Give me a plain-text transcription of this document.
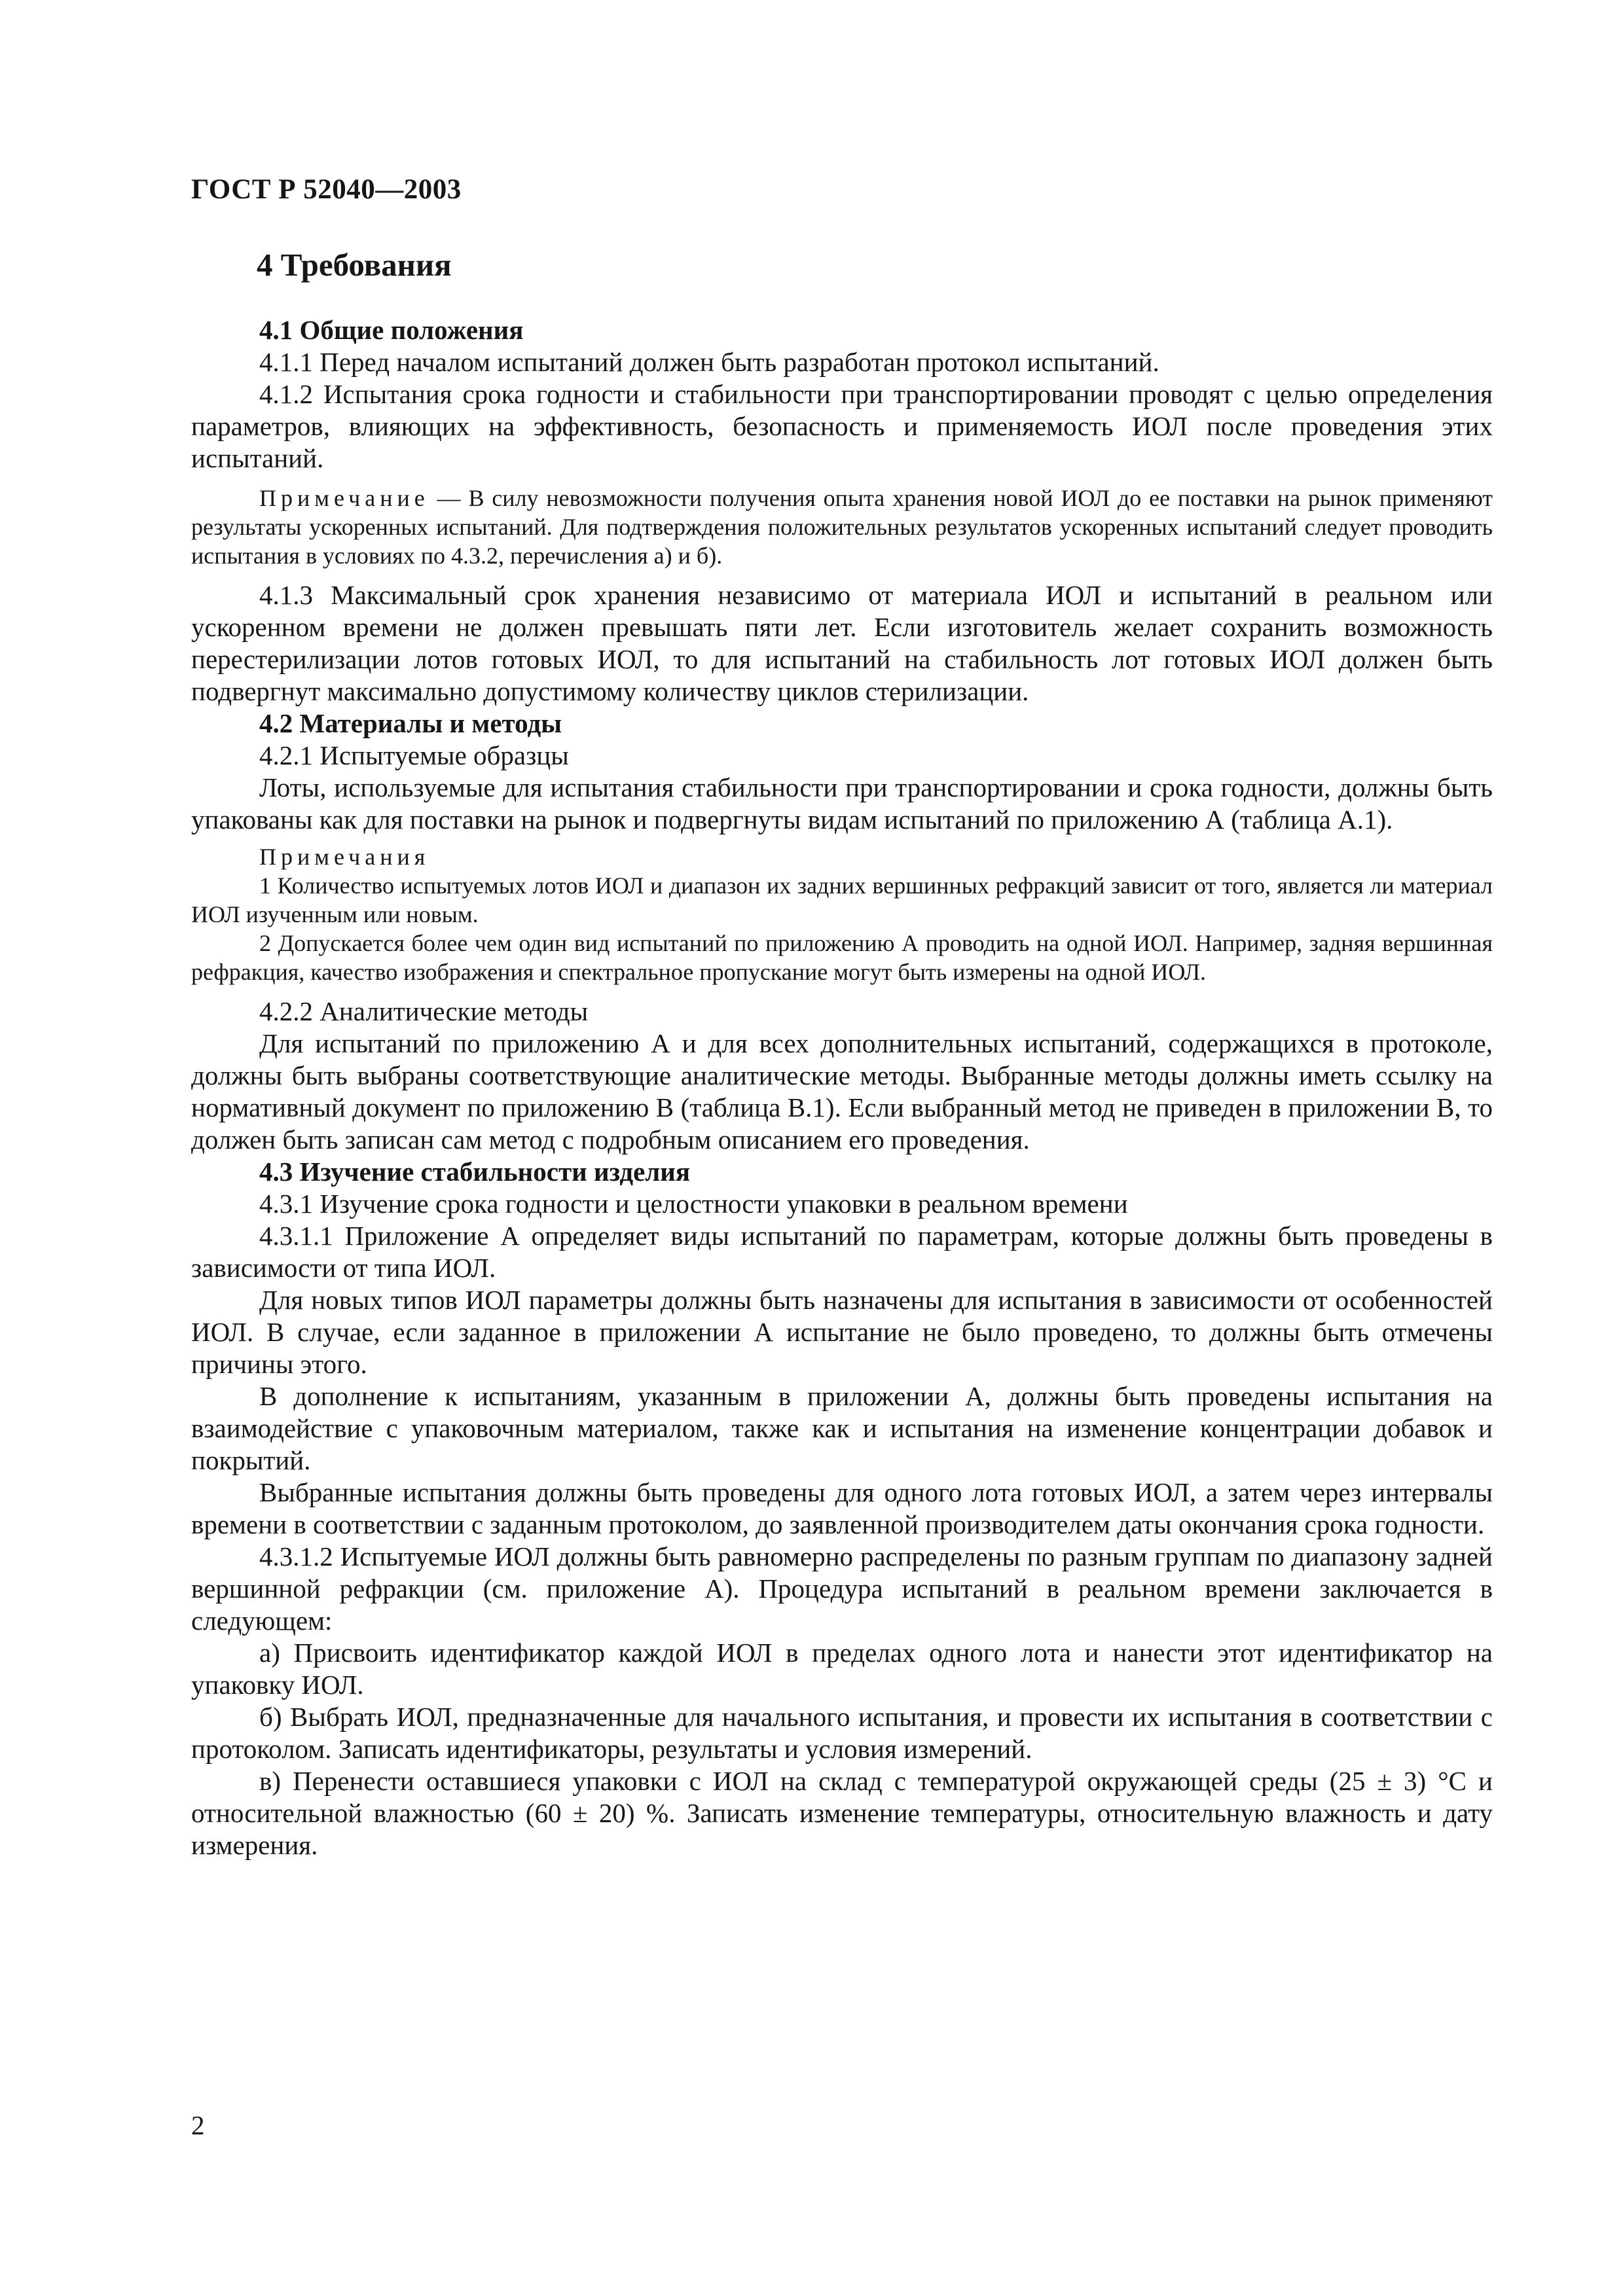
ГОСТ Р 52040—2003
4 Требования

4.1 Общие положения

4.1.1 Перед началом испытаний должен быть разработан протокол испытаний.

4.1.2 Испытания срока годности и стабильности при транспортировании проводят с целью определения параметров, влияющих на эффективность, безопасность и применяемость ИОЛ после проведения этих испытаний.

Примечание — В силу невозможности получения опыта хранения новой ИОЛ до ее поставки на рынок применяют результаты ускоренных испытаний. Для подтверждения положительных результатов ускоренных испытаний следует проводить испытания в условиях по 4.3.2, перечисления а) и б).

4.1.3 Максимальный срок хранения независимо от материала ИОЛ и испытаний в реальном или ускоренном времени не должен превышать пяти лет. Если изготовитель желает сохранить возможность перестерилизации лотов готовых ИОЛ, то для испытаний на стабильность лот готовых ИОЛ должен быть подвергнут максимально допустимому количеству циклов стерилизации.

4.2 Материалы и методы

4.2.1 Испытуемые образцы

Лоты, используемые для испытания стабильности при транспортировании и срока годности, должны быть упакованы как для поставки на рынок и подвергнуты видам испытаний по приложению А (таблица А.1).

Примечания

1 Количество испытуемых лотов ИОЛ и диапазон их задних вершинных рефракций зависит от того, является ли материал ИОЛ изученным или новым.

2 Допускается более чем один вид испытаний по приложению А проводить на одной ИОЛ. Например, задняя вершинная рефракция, качество изображения и спектральное пропускание могут быть измерены на одной ИОЛ.

4.2.2 Аналитические методы

Для испытаний по приложению А и для всех дополнительных испытаний, содержащихся в протоколе, должны быть выбраны соответствующие аналитические методы. Выбранные методы должны иметь ссылку на нормативный документ по приложению В (таблица В.1). Если выбранный метод не приведен в приложении В, то должен быть записан сам метод с подробным описанием его проведения.

4.3 Изучение стабильности изделия

4.3.1 Изучение срока годности и целостности упаковки в реальном времени

4.3.1.1 Приложение А определяет виды испытаний по параметрам, которые должны быть проведены в зависимости от типа ИОЛ.

Для новых типов ИОЛ параметры должны быть назначены для испытания в зависимости от особенностей ИОЛ. В случае, если заданное в приложении А испытание не было проведено, то должны быть отмечены причины этого.

В дополнение к испытаниям, указанным в приложении А, должны быть проведены испытания на взаимодействие с упаковочным материалом, также как и испытания на изменение концентрации добавок и покрытий.

Выбранные испытания должны быть проведены для одного лота готовых ИОЛ, а затем через интервалы времени в соответствии с заданным протоколом, до заявленной производителем даты окончания срока годности.

4.3.1.2 Испытуемые ИОЛ должны быть равномерно распределены по разным группам по диапазону задней вершинной рефракции (см. приложение А). Процедура испытаний в реальном времени заключается в следующем:

а) Присвоить идентификатор каждой ИОЛ в пределах одного лота и нанести этот идентификатор на упаковку ИОЛ.

б) Выбрать ИОЛ, предназначенные для начального испытания, и провести их испытания в соответствии с протоколом. Записать идентификаторы, результаты и условия измерений.

в) Перенести оставшиеся упаковки с ИОЛ на склад с температурой окружающей среды (25 ± 3) °С и относительной влажностью (60 ± 20) %. Записать изменение температуры, относительную влажность и дату измерения.

2
